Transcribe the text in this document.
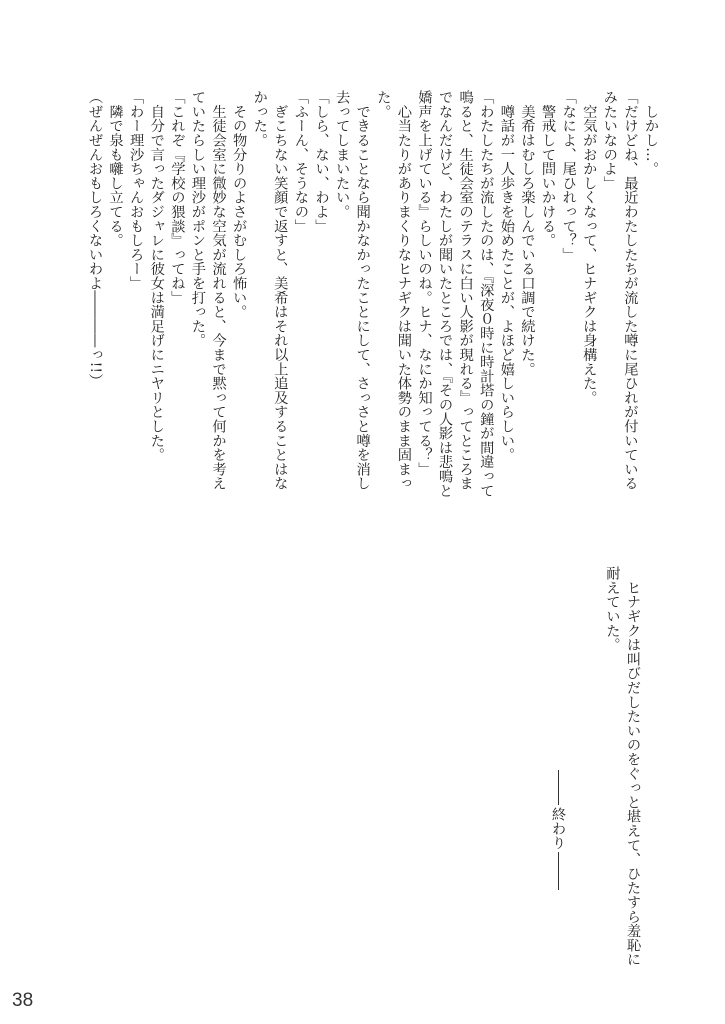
　しかし…。
「だけどね、最近わたしたちが流した噂に尾ひれが付いている
みたいなのよ」
　空気がおかしくなって、ヒナギクは身構えた。
「なによ、尾ひれって？」
　警戒して問いかける。
　美希はむしろ楽しんでいる口調で続けた。
　噂話が一人歩きを始めたことが、よほど嬉しいらしい。
「わたしたちが流したのは、『深夜０時に時計塔の鐘が間違って
鳴ると、生徒会室のテラスに白い人影が現れる』ってところま
でなんだけど、わたしが聞いたところでは、『その人影は悲鳴と
嬌声を上げている』らしいのね。ヒナ、なにか知ってる？」
　心当たりがありまくりなヒナギクは聞いた体勢のまま固まっ
た。
　できることなら聞かなかったことにして、さっさと噂を消し
去ってしまいたい。
「しら、ない、わよ」
「ふーん、そうなの」
　ぎこちない笑顔で返すと、美希はそれ以上追及することはな
かった。
　その物分りのよさがむしろ怖い。
　生徒会室に微妙な空気が流れると、今まで黙って何かを考え
ていたらしい理沙がポンと手を打った。
「これぞ『学校の猥談』ってね」
　自分で言ったダジャレに彼女は満足げにニヤリとした。
「わー理沙ちゃんおもしろー」
　隣で泉も囃し立てる。
（ぜんぜんおもしろくないわよ――――っ!!）
　ヒナギクは叫びだしたいのをぐっと堪えて、ひたすら羞恥に
耐えていた。
終わり
38
